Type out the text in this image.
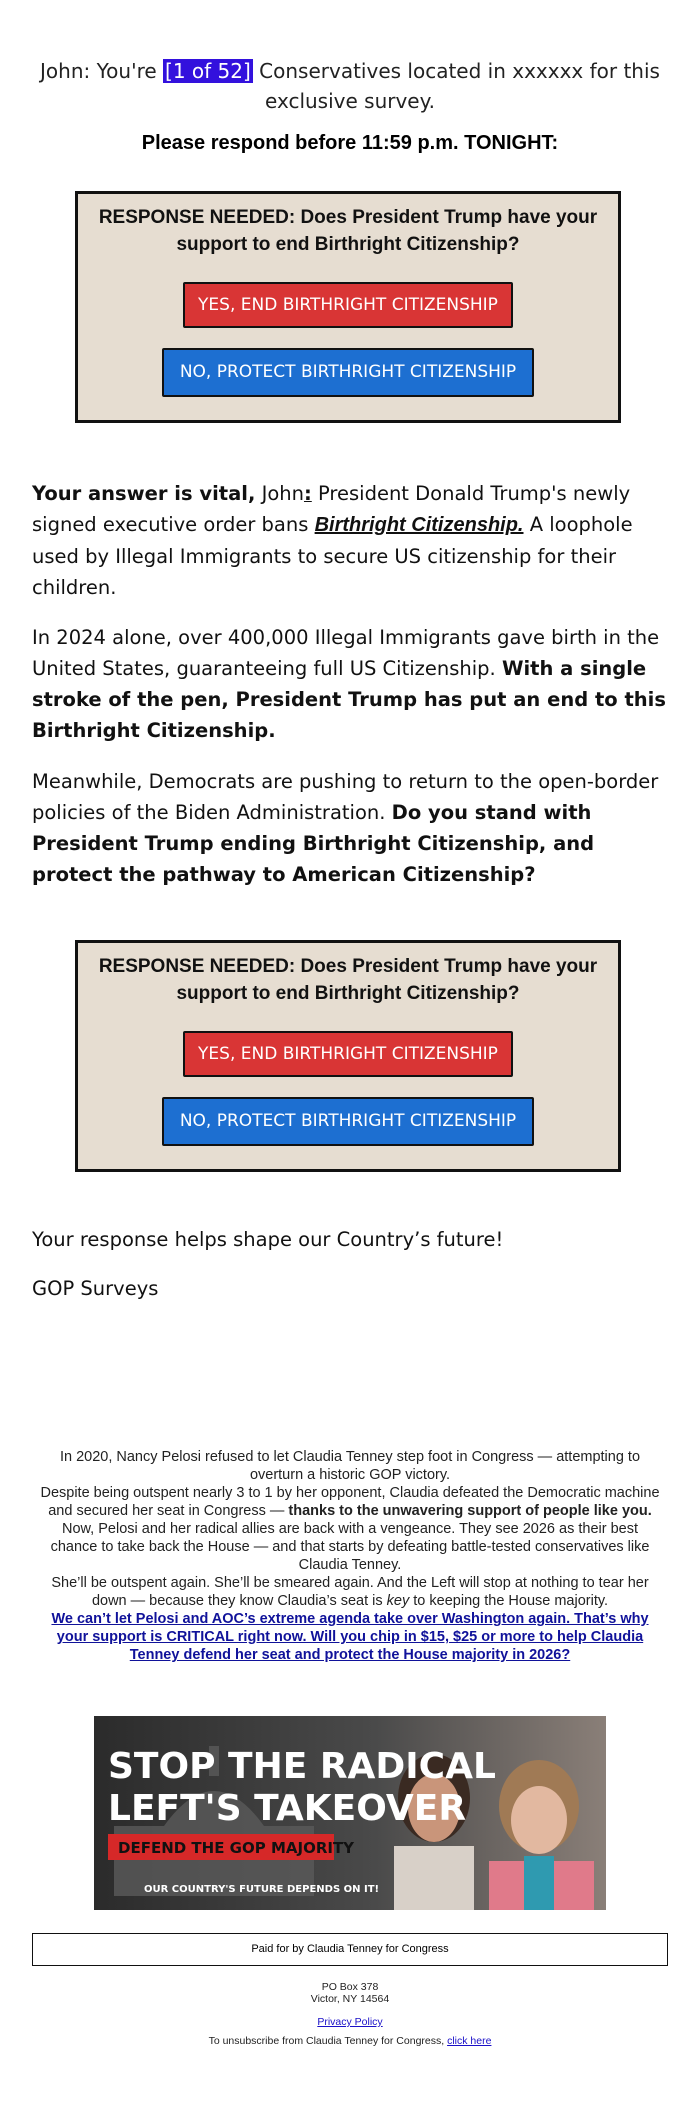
John: You're [1 of 52] Conservatives located in xxxxxx for this exclusive survey.
Please respond before 11:59 p.m. TONIGHT:
RESPONSE NEEDED: Does President Trump have your support to end Birthright Citizenship?
YES, END BIRTHRIGHT CITIZENSHIP
NO, PROTECT BIRTHRIGHT CITIZENSHIP
Your answer is vital, John: President Donald Trump's newly signed executive order bans Birthright Citizenship. A loophole used by Illegal Immigrants to secure US citizenship for their children.
In 2024 alone, over 400,000 Illegal Immigrants gave birth in the United States, guaranteeing full US Citizenship. With a single stroke of the pen, President Trump has put an end to this Birthright Citizenship.
Meanwhile, Democrats are pushing to return to the open-border policies of the Biden Administration. Do you stand with President Trump ending Birthright Citizenship, and protect the pathway to American Citizenship?
RESPONSE NEEDED: Does President Trump have your support to end Birthright Citizenship?
YES, END BIRTHRIGHT CITIZENSHIP
NO, PROTECT BIRTHRIGHT CITIZENSHIP
Your response helps shape our Country’s future!
GOP Surveys
In 2020, Nancy Pelosi refused to let Claudia Tenney step foot in Congress — attempting to overturn a historic GOP victory.
Despite being outspent nearly 3 to 1 by her opponent, Claudia defeated the Democratic machine and secured her seat in Congress — thanks to the unwavering support of people like you.
Now, Pelosi and her radical allies are back with a vengeance. They see 2026 as their best chance to take back the House — and that starts by defeating battle-tested conservatives like Claudia Tenney.
She’ll be outspent again. She’ll be smeared again. And the Left will stop at nothing to tear her down — because they know Claudia’s seat is key to keeping the House majority.
We can’t let Pelosi and AOC’s extreme agenda take over Washington again. That’s why your support is CRITICAL right now. Will you chip in $15, $25 or more to help Claudia Tenney defend her seat and protect the House majority in 2026?
STOP THE RADICAL
LEFT'S TAKEOVER
DEFEND THE GOP MAJORITY
OUR COUNTRY'S FUTURE DEPENDS ON IT!
Paid for by Claudia Tenney for Congress
PO Box 378
Victor, NY 14564
Privacy Policy
To unsubscribe from Claudia Tenney for Congress, click here
